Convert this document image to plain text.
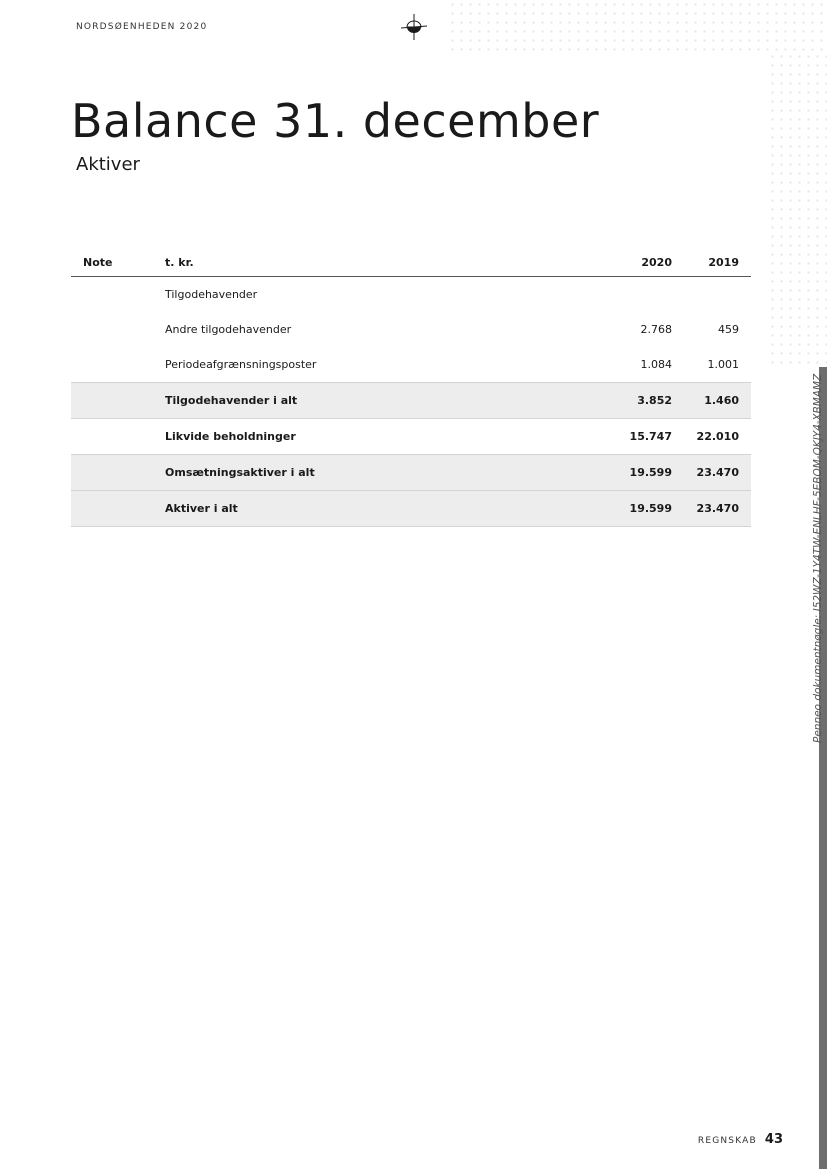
NORDSØENHEDEN 2020
Balance 31. december
Aktiver
Note	t. kr.	2020	2019
Tilgodehavender
Andre tilgodehavender	2.768	459
Periodeafgrænsningsposter	1.084	1.001
Tilgodehavender i alt	3.852	1.460
Likvide beholdninger	15.747 22.010
Omsætningsaktiver i alt	19.599 23.470
Aktiver i alt	19.599 23.470	Penneo dokumentnøgle: I52WZ-1Y4TW-ENLHF-5EBOM-QKJY4-XBMAMZ
REGNSKAB 43
